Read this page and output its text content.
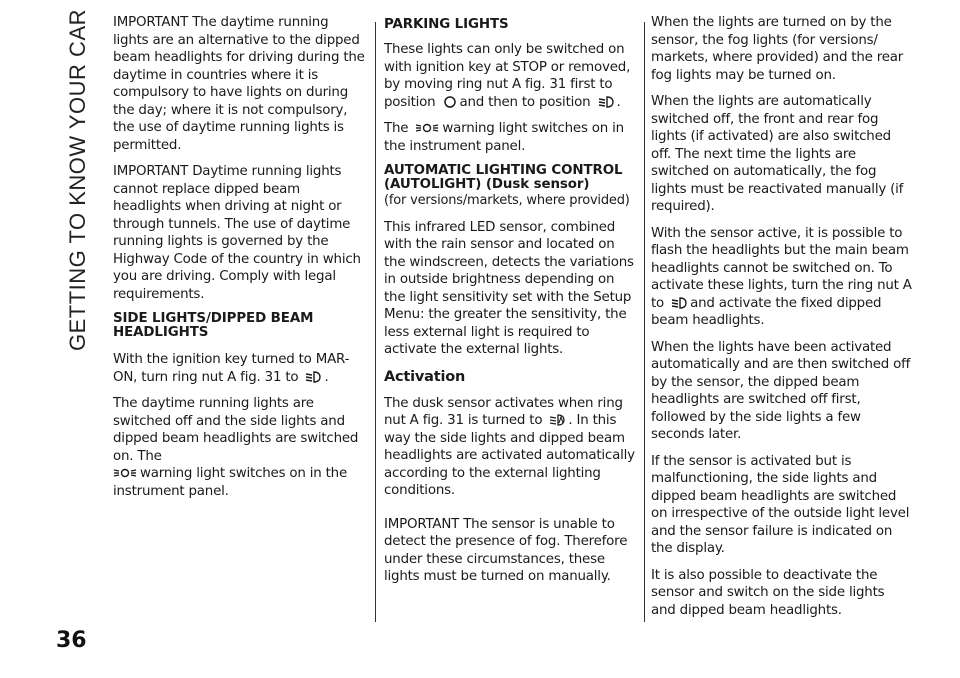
GETTING TO KNOW YOUR CAR IMPORTANT The daytime running lights are an alternative to the dipped beam headlights for driving during the daytime in countries where it is compulsory to have lights on during the day; where it is not compulsory, the use of daytime running lights is permitted.

IMPORTANT Daytime running lights cannot replace dipped beam headlights when driving at night or through tunnels. The use of daytime running lights is governed by the Highway Code of the country in which you are driving. Comply with legal requirements.

SIDE LIGHTS/DIPPED BEAM HEADLIGHTS

With the ignition key turned to MAR-ON, turn ring nut A fig. 31 to .

The daytime running lights are switched off and the side lights and dipped beam headlights are switched on. The
warning light switches on in the instrument panel.

PARKING LIGHTS

These lights can only be switched on with ignition key at STOP or removed, by moving ring nut A fig. 31 first to position and then to position .

The	warning light switches on in the instrument panel.

AUTOMATIC LIGHTING CONTROL (AUTOLIGHT) (Dusk sensor)

(for versions/markets, where provided)

This infrared LED sensor, combined with the rain sensor and located on the windscreen, detects the variations in outside brightness depending on the light sensitivity set with the Setup Menu: the greater the sensitivity, the less external light is required to activate the external lights.

Activation

The dusk sensor activates when ring nut A fig. 31 is turned to . In this way the side lights and dipped beam headlights are activated automatically according to the external lighting conditions.

IMPORTANT The sensor is unable to detect the presence of fog. Therefore under these circumstances, these lights must be turned on manually.

When the lights are turned on by the sensor, the fog lights (for versions/ markets, where provided) and the rear fog lights may be turned on.

When the lights are automatically switched off, the front and rear fog lights (if activated) are also switched off. The next time the lights are switched on automatically, the fog lights must be reactivated manually (if required).

With the sensor active, it is possible to flash the headlights but the main beam headlights cannot be switched on. To activate these lights, turn the ring nut A to and activate the fixed dipped beam headlights.

When the lights have been activated automatically and are then switched off by the sensor, the dipped beam headlights are switched off first, followed by the side lights a few seconds later.

If the sensor is activated but is malfunctioning, the side lights and dipped beam headlights are switched on irrespective of the outside light level and the sensor failure is indicated on the display.

It is also possible to deactivate the sensor and switch on the side lights and dipped beam headlights.

36
